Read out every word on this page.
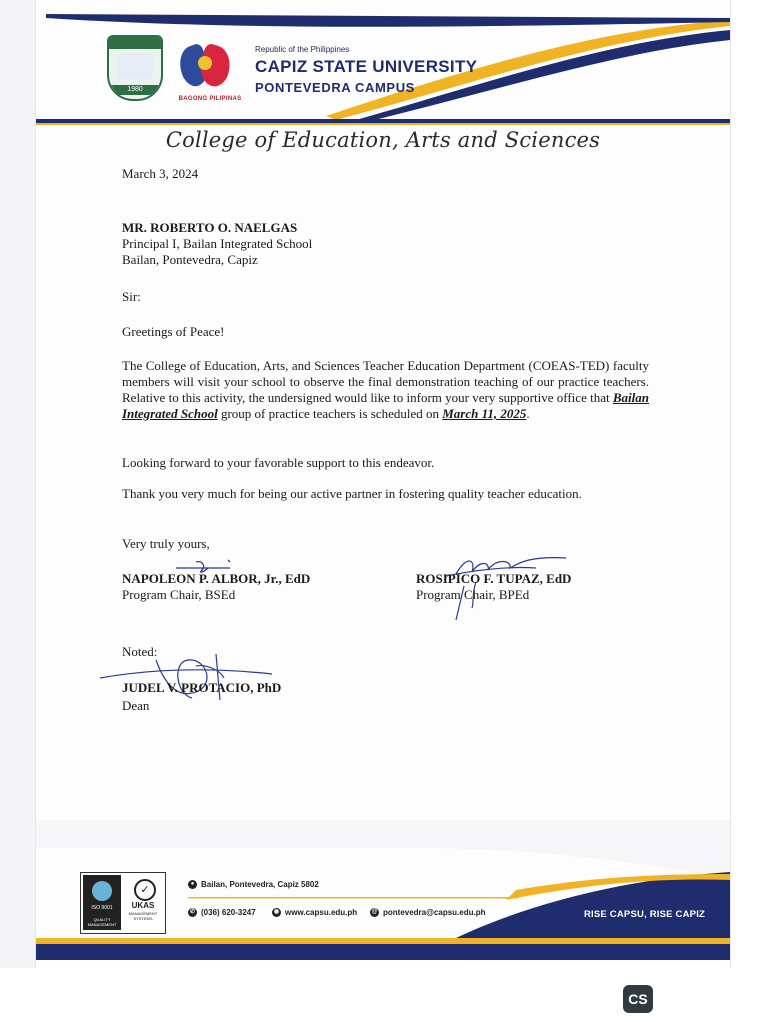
1980
BAGONG PILIPINAS
Republic of the Philippines
CAPIZ STATE UNIVERSITY
PONTEVEDRA CAMPUS
College of Education, Arts and Sciences
March 3, 2024
MR. ROBERTO O. NAELGAS
Principal I, Bailan Integrated School
Bailan, Pontevedra, Capiz
Sir:
Greetings of Peace!
The College of Education, Arts, and Sciences Teacher Education Department (COEAS-TED) faculty members will visit your school to observe the final demonstration teaching of our practice teachers. Relative to this activity, the undersigned would like to inform your very supportive office that Bailan Integrated School group of practice teachers is scheduled on March 11, 2025.
Looking forward to your favorable support to this endeavor.
Thank you very much for being our active partner in fostering quality teacher education.
Very truly yours,
NAPOLEON P. ALBOR, Jr., EdD
Program Chair, BSEd
ROSIPICO F. TUPAZ, EdD
Program Chair, BPEd
Noted:
JUDEL V. PROTACIO, PhD
Dean
ISO 9001
QUALITY MANAGEMENT
✓
UKAS
MANAGEMENT SYSTEMS
● Bailan, Pontevedra, Capiz 5802
✆ (036) 620-3247	◉ www.capsu.edu.ph @ pontevedra@capsu.edu.ph	RISE CAPSU, RISE CAPIZ
CS
